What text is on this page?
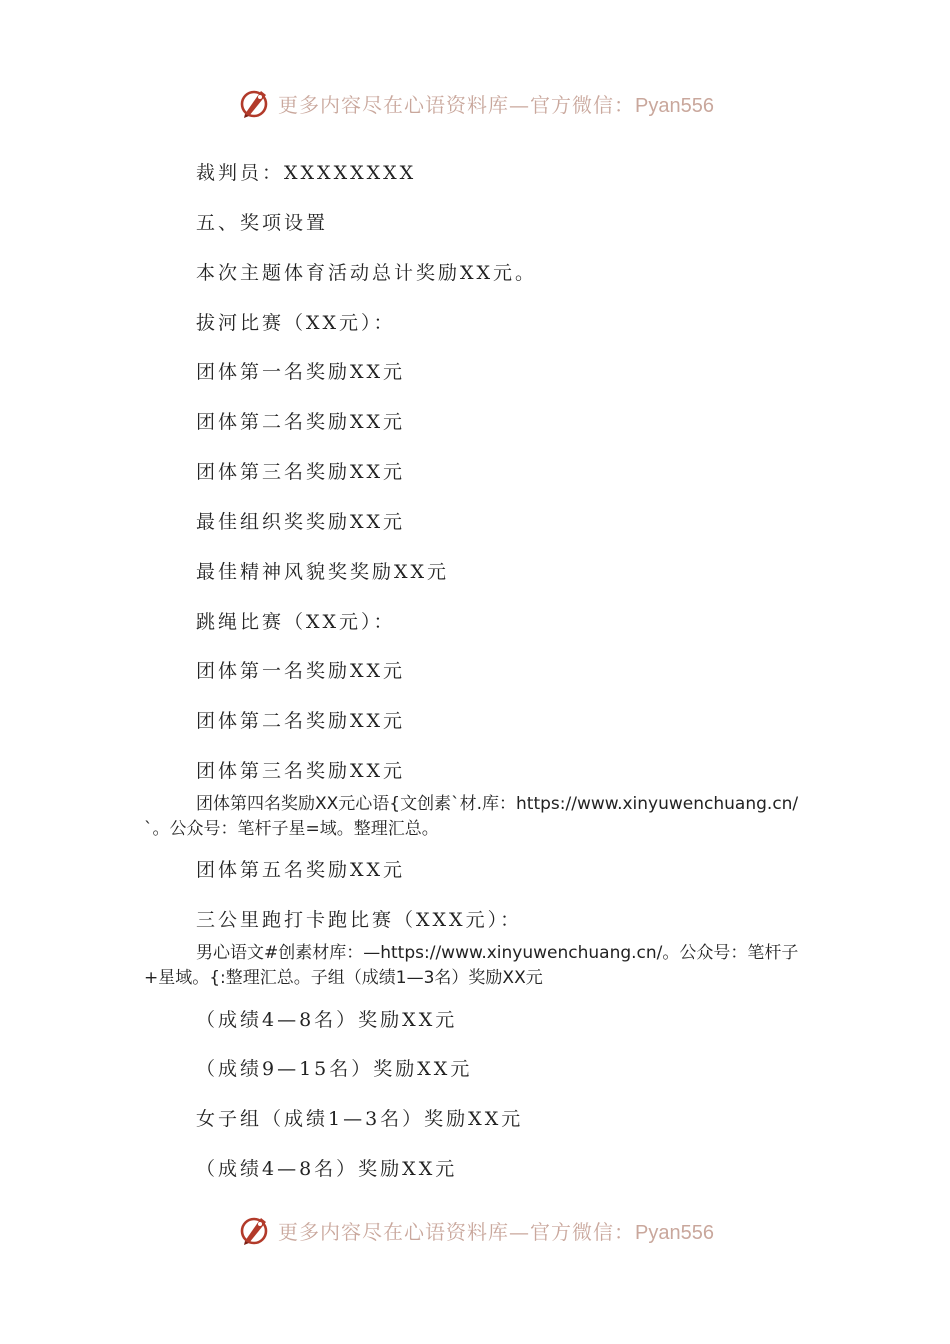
更多内容尽在心语资料库—官方微信：Pyan556
裁判员：XXXXXXXX
五、奖项设置
本次主题体育活动总计奖励XX元。
拔河比赛（XX元）：
团体第一名奖励XX元
团体第二名奖励XX元
团体第三名奖励XX元
最佳组织奖奖励XX元
最佳精神风貌奖奖励XX元
跳绳比赛（XX元）：
团体第一名奖励XX元
团体第二名奖励XX元
团体第三名奖励XX元
团体第四名奖励XX元心语{文创素`材.库：https://www.xinyuwenchuang.cn/`。公众号：笔杆子星=域。整理汇总。
团体第五名奖励XX元
三公里跑打卡跑比赛（XXX元）：
男心语文#创素材库：—https://www.xinyuwenchuang.cn/。公众号：笔杆子+星域。{:整理汇总。子组（成绩1—3名）奖励XX元
（成绩4—8名）奖励XX元
（成绩9—15名）奖励XX元
女子组（成绩1—3名）奖励XX元
（成绩4—8名）奖励XX元
更多内容尽在心语资料库—官方微信：Pyan556
